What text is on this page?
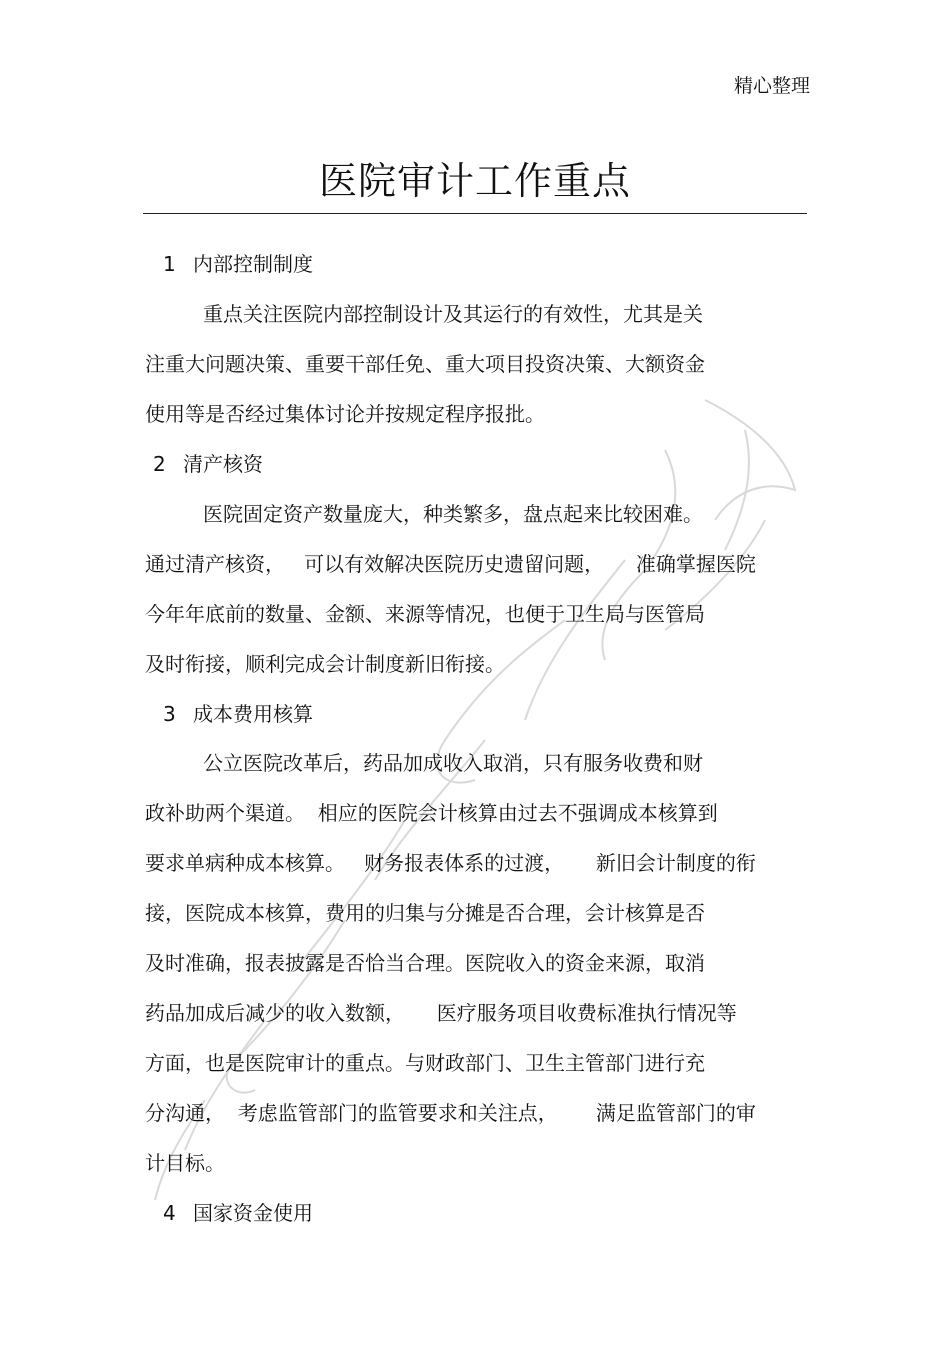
精心整理
医院审计工作重点
1 内部控制制度
重点关注医院内部控制设计及其运行的有效性，尤其是关
注重大问题决策、重要干部任免、重大项目投资决策、大额资金
使用等是否经过集体讨论并按规定程序报批。
2 清产核资
医院固定资产数量庞大，种类繁多，盘点起来比较困难。
通过清产核资，   可以有效解决医院历史遗留问题，     准确掌握医院
今年年底前的数量、金额、来源等情况，也便于卫生局与医管局
及时衔接，顺利完成会计制度新旧衔接。
3 成本费用核算
公立医院改革后，药品加成收入取消，只有服务收费和财
政补助两个渠道。  相应的医院会计核算由过去不强调成本核算到
要求单病种成本核算。   财务报表体系的过渡，     新旧会计制度的衔
接，医院成本核算，费用的归集与分摊是否合理，会计核算是否
及时准确，报表披露是否恰当合理。医院收入的资金来源，取消
药品加成后减少的收入数额，     医疗服务项目收费标准执行情况等
方面，也是医院审计的重点。与财政部门、卫生主管部门进行充
分沟通，  考虑监管部门的监管要求和关注点，      满足监管部门的审
计目标。
4 国家资金使用
